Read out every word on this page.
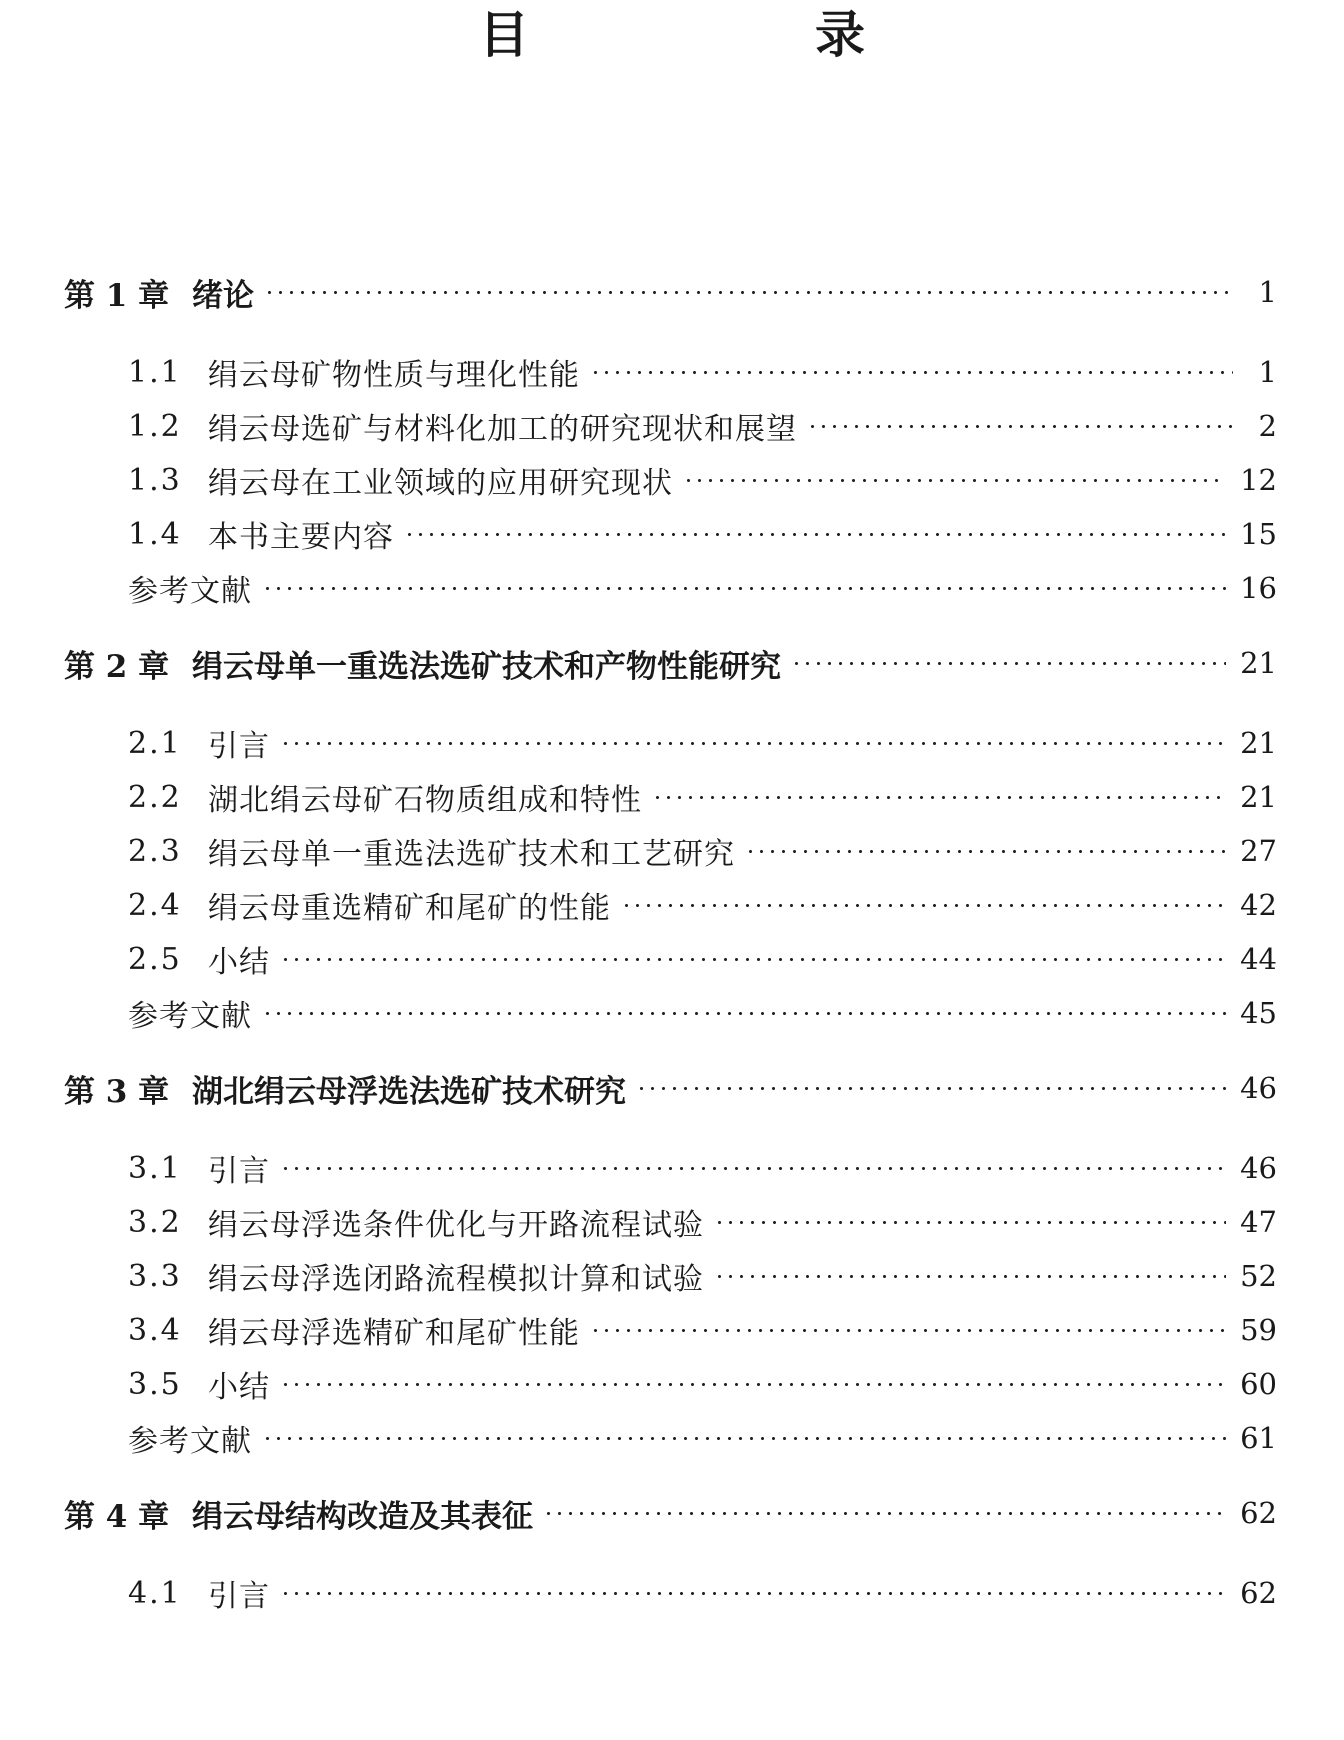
目　　录
第 1 章 绪论	1
1.1 绢云母矿物性质与理化性能	1
1.2 绢云母选矿与材料化加工的研究现状和展望	2
1.3 绢云母在工业领域的应用研究现状	12
1.4 本书主要内容	15
参考文献	16
第 2 章 绢云母单一重选法选矿技术和产物性能研究	21
2.1 引言	21
2.2 湖北绢云母矿石物质组成和特性	21
2.3 绢云母单一重选法选矿技术和工艺研究	27
2.4 绢云母重选精矿和尾矿的性能	42
2.5 小结	44
参考文献	45
第 3 章 湖北绢云母浮选法选矿技术研究	46
3.1 引言	46
3.2 绢云母浮选条件优化与开路流程试验	47
3.3 绢云母浮选闭路流程模拟计算和试验	52
3.4 绢云母浮选精矿和尾矿性能	59
3.5 小结	60
参考文献	61
第 4 章 绢云母结构改造及其表征	62
4.1 引言	62
